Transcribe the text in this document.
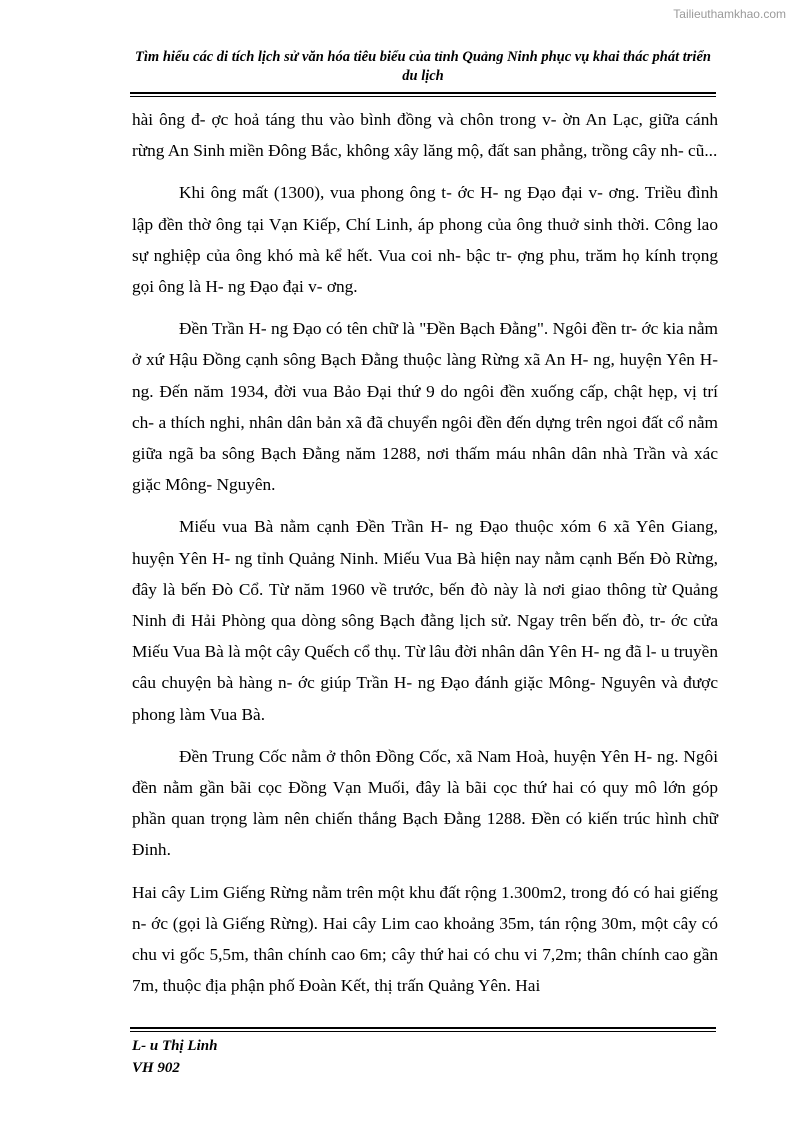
Tailieuthamkhao.com
Tìm hiểu các di tích lịch sử văn hóa tiêu biểu của tỉnh Quảng Ninh phục vụ khai thác phát triển du lịch

hài ông đ- ợc hoả táng thu vào bình đồng và chôn trong v- ờn An Lạc, giữa cánh rừng An Sinh miền Đông Bắc, không xây lăng mộ, đất san phẳng, trồng cây nh- cũ...

Khi ông mất (1300), vua phong ông t- ớc H- ng Đạo đại v- ơng. Triều đình lập đền thờ ông tại Vạn Kiếp, Chí Linh, áp phong của ông thuở sinh thời. Công lao sự nghiệp của ông khó mà kể hết. Vua coi nh- bậc tr- ợng phu, trăm họ kính trọng gọi ông là H- ng Đạo đại v- ơng.

Đền Trần H- ng Đạo có tên chữ là "Đền Bạch Đằng". Ngôi đền tr- ớc kia nằm ở xứ Hậu Đồng cạnh sông Bạch Đằng thuộc làng Rừng xã An H- ng, huyện Yên H- ng. Đến năm 1934, đời vua Bảo Đại thứ 9 do ngôi đền xuống cấp, chật hẹp, vị trí ch- a thích nghi, nhân dân bản xã đã chuyển ngôi đền đến dựng trên ngoi đất cổ nằm giữa ngã ba sông Bạch Đằng năm 1288, nơi thấm máu nhân dân nhà Trần và xác giặc Mông- Nguyên.

Miếu vua Bà nằm cạnh Đền Trần H- ng Đạo thuộc xóm 6 xã Yên Giang, huyện Yên H- ng tỉnh Quảng Ninh. Miếu Vua Bà hiện nay nằm cạnh Bến Đò Rừng, đây là bến Đò Cổ. Từ năm 1960 về trước, bến đò này là nơi giao thông từ Quảng Ninh đi Hải Phòng qua dòng sông Bạch đằng lịch sử. Ngay trên bến đò, tr- ớc cửa Miếu Vua Bà là một cây Quếch cổ thụ. Từ lâu đời nhân dân Yên H- ng đã l- u truyền câu chuyện bà hàng n- ớc giúp Trần H- ng Đạo đánh giặc Mông- Nguyên và được phong làm Vua Bà.

Đền Trung Cốc nằm ở thôn Đồng Cốc, xã Nam Hoà, huyện Yên H- ng. Ngôi đền nằm gần bãi cọc Đồng Vạn Muối, đây là bãi cọc thứ hai có quy mô lớn góp phần quan trọng làm nên chiến thắng Bạch Đằng 1288. Đền có kiến trúc hình chữ Đinh.

Hai cây Lim Giếng Rừng nằm trên một khu đất rộng 1.300m2, trong đó có hai giếng n- ớc (gọi là Giếng Rừng). Hai cây Lim cao khoảng 35m, tán rộng 30m, một cây có chu vi gốc 5,5m, thân chính cao 6m; cây thứ hai có chu vi 7,2m; thân chính cao gần 7m, thuộc địa phận phố Đoàn Kết, thị trấn Quảng Yên. Hai

L- u Thị Linh
VH 902
